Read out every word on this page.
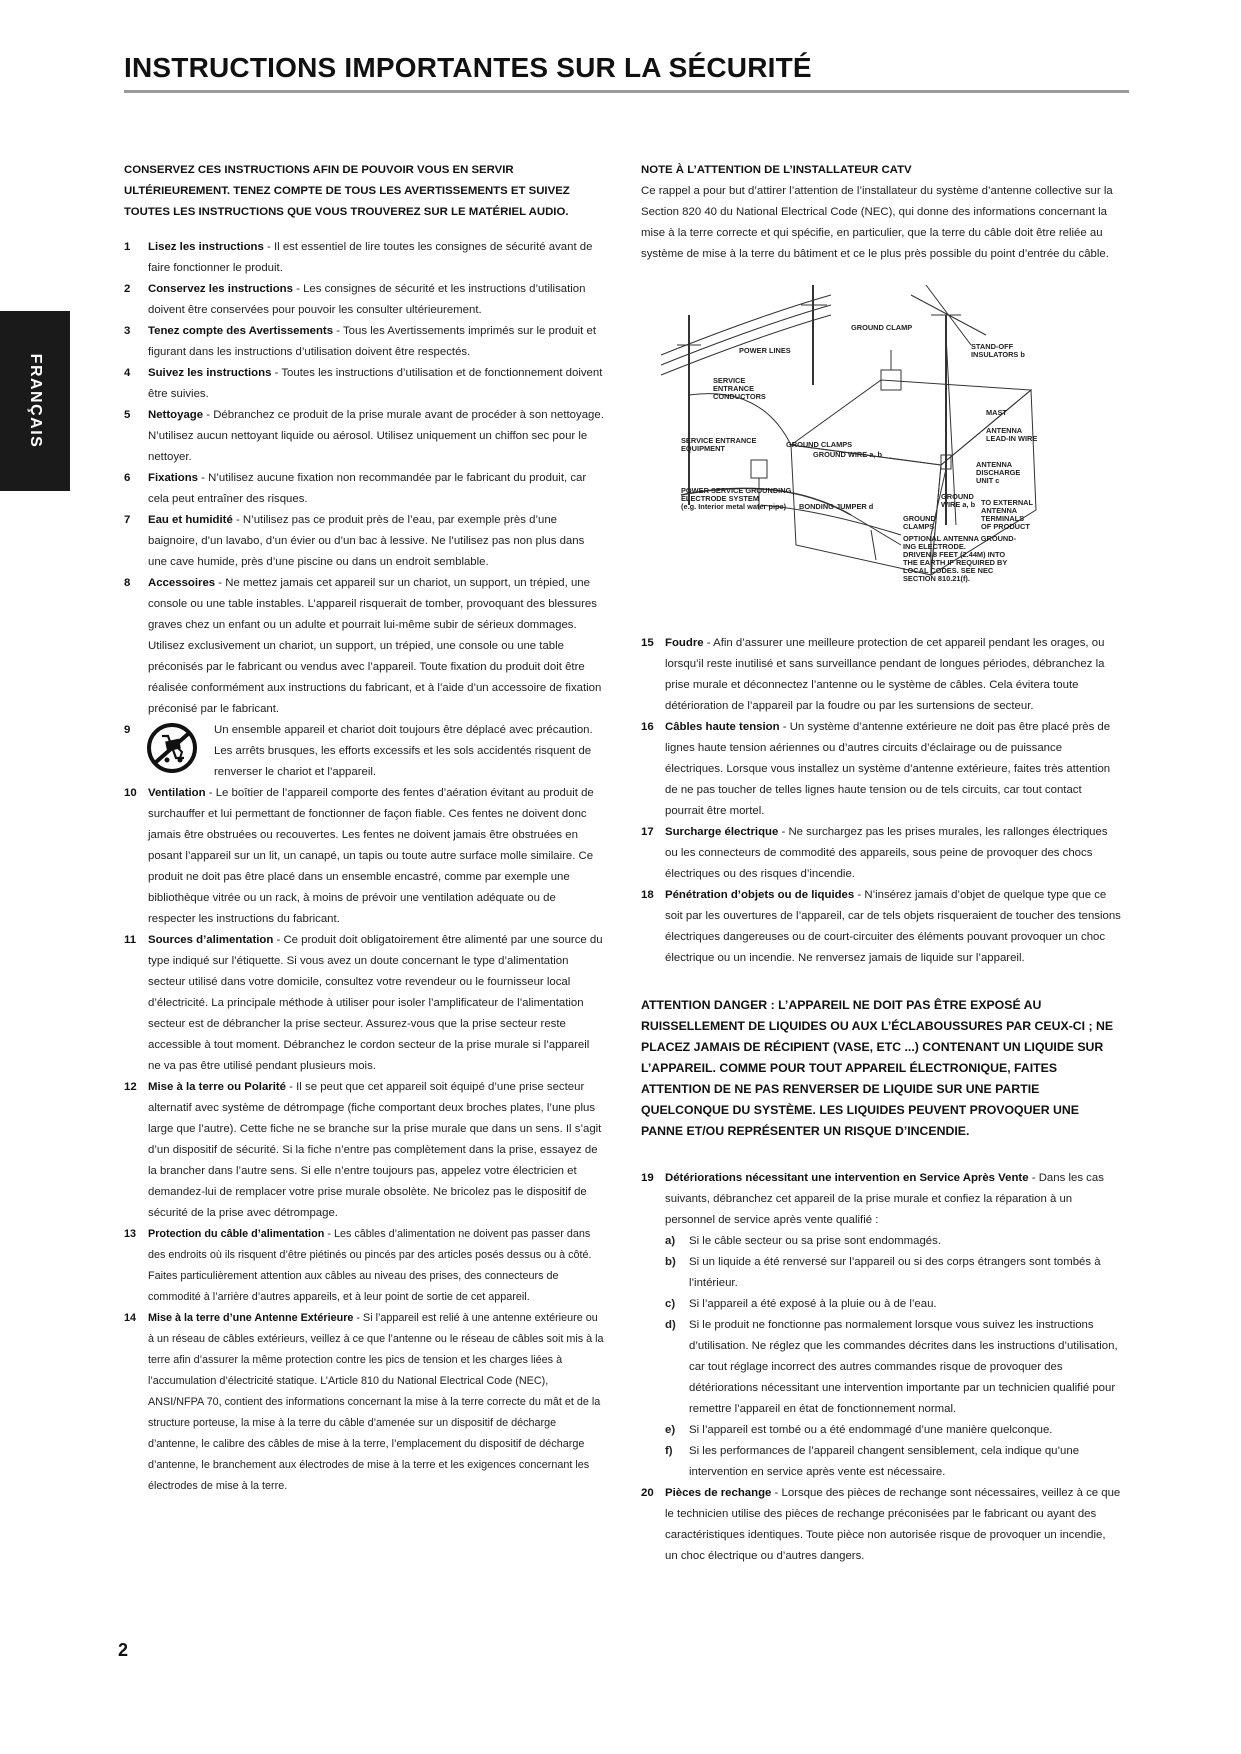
INSTRUCTIONS IMPORTANTES SUR LA SÉCURITÉ
FRANÇAIS

CONSERVEZ CES INSTRUCTIONS AFIN DE POUVOIR VOUS EN SERVIR ULTÉRIEUREMENT. TENEZ COMPTE DE TOUS LES AVERTISSEMENTS ET SUIVEZ TOUTES LES INSTRUCTIONS QUE VOUS TROUVEREZ SUR LE MATÉRIEL AUDIO.

1 Lisez les instructions - Il est essentiel de lire toutes les consignes de sécurité avant de faire fonctionner le produit.
2 Conservez les instructions - Les consignes de sécurité et les instructions d’utilisation doivent être conservées pour pouvoir les consulter ultérieurement.
3 Tenez compte des Avertissements - Tous les Avertissements imprimés sur le produit et figurant dans les instructions d’utilisation doivent être respectés.
4 Suivez les instructions - Toutes les instructions d’utilisation et de fonctionnement doivent être suivies.
5 Nettoyage - Débranchez ce produit de la prise murale avant de procéder à son nettoyage. N’utilisez aucun nettoyant liquide ou aérosol. Utilisez uniquement un chiffon sec pour le nettoyer.
6 Fixations - N’utilisez aucune fixation non recommandée par le fabricant du produit, car cela peut entraîner des risques.
7 Eau et humidité - N’utilisez pas ce produit près de l’eau, par exemple près d’une baignoire, d’un lavabo, d’un évier ou d’un bac à lessive. Ne l’utilisez pas non plus dans une cave humide, près d’une piscine ou dans un endroit semblable.
8 Accessoires - Ne mettez jamais cet appareil sur un chariot, un support, un trépied, une console ou une table instables. L’appareil risquerait de tomber, provoquant des blessures graves chez un enfant ou un adulte et pourrait lui-même subir de sérieux dommages. Utilisez exclusivement un chariot, un support, un trépied, une console ou une table préconisés par le fabricant ou vendus avec l’appareil. Toute fixation du produit doit être réalisée conformément aux instructions du fabricant, et à l’aide d’un accessoire de fixation préconisé par le fabricant.
9	Un ensemble appareil et chariot doit toujours être déplacé avec précaution. Les arrêts brusques, les efforts excessifs et les sols accidentés risquent de renverser le chariot et l’appareil.
10 Ventilation - Le boîtier de l’appareil comporte des fentes d’aération évitant au produit de surchauffer et lui permettant de fonctionner de façon fiable. Ces fentes ne doivent donc jamais être obstruées ou recouvertes. Les fentes ne doivent jamais être obstruées en posant l’appareil sur un lit, un canapé, un tapis ou toute autre surface molle similaire. Ce produit ne doit pas être placé dans un ensemble encastré, comme par exemple une bibliothèque vitrée ou un rack, à moins de prévoir une ventilation adéquate ou de respecter les instructions du fabricant.
11 Sources d’alimentation - Ce produit doit obligatoirement être alimenté par une source du type indiqué sur l’étiquette. Si vous avez un doute concernant le type d’alimentation secteur utilisé dans votre domicile, consultez votre revendeur ou le fournisseur local d’électricité. La principale méthode à utiliser pour isoler l’amplificateur de l’alimentation secteur est de débrancher la prise secteur. Assurez-vous que la prise secteur reste accessible à tout moment. Débranchez le cordon secteur de la prise murale si l’appareil ne va pas être utilisé pendant plusieurs mois.
12 Mise à la terre ou Polarité - Il se peut que cet appareil soit équipé d’une prise secteur alternatif avec système de détrompage (fiche comportant deux broches plates, l’une plus large que l’autre). Cette fiche ne se branche sur la prise murale que dans un sens. Il s’agit d’un dispositif de sécurité. Si la fiche n’entre pas complètement dans la prise, essayez de la brancher dans l’autre sens. Si elle n’entre toujours pas, appelez votre électricien et demandez-lui de remplacer votre prise murale obsolète. Ne bricolez pas le dispositif de sécurité de la prise avec détrompage.
13 Protection du câble d’alimentation - Les câbles d’alimentation ne doivent pas passer dans des endroits où ils risquent d’être piétinés ou pincés par des articles posés dessus ou à côté. Faites particulièrement attention aux câbles au niveau des prises, des connecteurs de commodité à l’arrière d’autres appareils, et à leur point de sortie de cet appareil.
14 Mise à la terre d’une Antenne Extérieure - Si l’appareil est relié à une antenne extérieure ou à un réseau de câbles extérieurs, veillez à ce que l’antenne ou le réseau de câbles soit mis à la terre afin d’assurer la même protection contre les pics de tension et les charges liées à l’accumulation d’électricité statique. L’Article 810 du National Electrical Code (NEC), ANSI/NFPA 70, contient des informations concernant la mise à la terre correcte du mât et de la structure porteuse, la mise à la terre du câble d’amenée sur un dispositif de décharge d’antenne, le calibre des câbles de mise à la terre, l’emplacement du dispositif de décharge d’antenne, le branchement aux électrodes de mise à la terre et les exigences concernant les électrodes de mise à la terre.
NOTE À L’ATTENTION DE L’INSTALLATEUR CATV
Ce rappel a pour but d’attirer l’attention de l’installateur du système d’antenne collective sur la Section 820 40 du National Electrical Code (NEC), qui donne des informations concernant la mise à la terre correcte et qui spécifie, en particulier, que la terre du câble doit être reliée au système de mise à la terre du bâtiment et ce le plus près possible du point d’entrée du câble.
GROUND CLAMP
POWER LINES	STAND-OFF
INSULATORS b
SERVICE
ENTRANCE
CONDUCTORS
MAST
ANTENNA
LEAD-IN WIRE
SERVICE ENTRANCE
EQUIPMENT	GROUND CLAMPS
GROUND WIRE a, b
ANTENNA
DISCHARGE
UNIT c
POWER SERVICE GROUNDING
ELECTRODE SYSTEM
(e.g. Interior metal water pipe) BONDING JUMPER d
GROUND
WIRE a, b
GROUND
CLAMPS
TO EXTERNAL
ANTENNA
TERMINALS
OF PRODUCT
OPTIONAL ANTENNA GROUND-
ING ELECTRODE.
DRIVEN 8 FEET (2.44M) INTO
THE EARTH IF REQUIRED BY
LOCAL CODES. SEE NEC
SECTION 810.21(f).
15 Foudre - Afin d’assurer une meilleure protection de cet appareil pendant les orages, ou lorsqu’il reste inutilisé et sans surveillance pendant de longues périodes, débranchez la prise murale et déconnectez l’antenne ou le système de câbles. Cela évitera toute détérioration de l’appareil par la foudre ou par les surtensions de secteur.
16 Câbles haute tension - Un système d’antenne extérieure ne doit pas être placé près de lignes haute tension aériennes ou d’autres circuits d’éclairage ou de puissance électriques. Lorsque vous installez un système d’antenne extérieure, faites très attention de ne pas toucher de telles lignes haute tension ou de tels circuits, car tout contact pourrait être mortel.
17 Surcharge électrique - Ne surchargez pas les prises murales, les rallonges électriques ou les connecteurs de commodité des appareils, sous peine de provoquer des chocs électriques ou des risques d’incendie.
18 Pénétration d’objets ou de liquides - N’insérez jamais d’objet de quelque type que ce soit par les ouvertures de l’appareil, car de tels objets risqueraient de toucher des tensions électriques dangereuses ou de court-circuiter des éléments pouvant provoquer un choc électrique ou un incendie. Ne renversez jamais de liquide sur l’appareil.
ATTENTION DANGER : L’APPAREIL NE DOIT PAS ÊTRE EXPOSÉ AU RUISSELLEMENT DE LIQUIDES OU AUX L’ÉCLABOUSSURES PAR CEUX-CI ; NE PLACEZ JAMAIS DE RÉCIPIENT (VASE, ETC ...) CONTENANT UN LIQUIDE SUR L’APPAREIL. COMME POUR TOUT APPAREIL ÉLECTRONIQUE, FAITES ATTENTION DE NE PAS RENVERSER DE LIQUIDE SUR UNE PARTIE QUELCONQUE DU SYSTÈME. LES LIQUIDES PEUVENT PROVOQUER UNE PANNE ET/OU REPRÉSENTER UN RISQUE D’INCENDIE.
19 Détériorations nécessitant une intervention en Service Après Vente - Dans les cas suivants, débranchez cet appareil de la prise murale et confiez la réparation à un personnel de service après vente qualifié :
a) Si le câble secteur ou sa prise sont endommagés.
b) Si un liquide a été renversé sur l’appareil ou si des corps étrangers sont tombés à l’intérieur.
c) Si l’appareil a été exposé à la pluie ou à de l’eau.
d) Si le produit ne fonctionne pas normalement lorsque vous suivez les instructions d’utilisation. Ne réglez que les commandes décrites dans les instructions d’utilisation, car tout réglage incorrect des autres commandes risque de provoquer des détériorations nécessitant une intervention importante par un technicien qualifié pour remettre l’appareil en état de fonctionnement normal.
e) Si l’appareil est tombé ou a été endommagé d’une manière quelconque.
f) Si les performances de l’appareil changent sensiblement, cela indique qu’une intervention en service après vente est nécessaire.
20 Pièces de rechange - Lorsque des pièces de rechange sont nécessaires, veillez à ce que le technicien utilise des pièces de rechange préconisées par le fabricant ou ayant des caractéristiques identiques. Toute pièce non autorisée risque de provoquer un incendie, un choc électrique ou d’autres dangers.

2
